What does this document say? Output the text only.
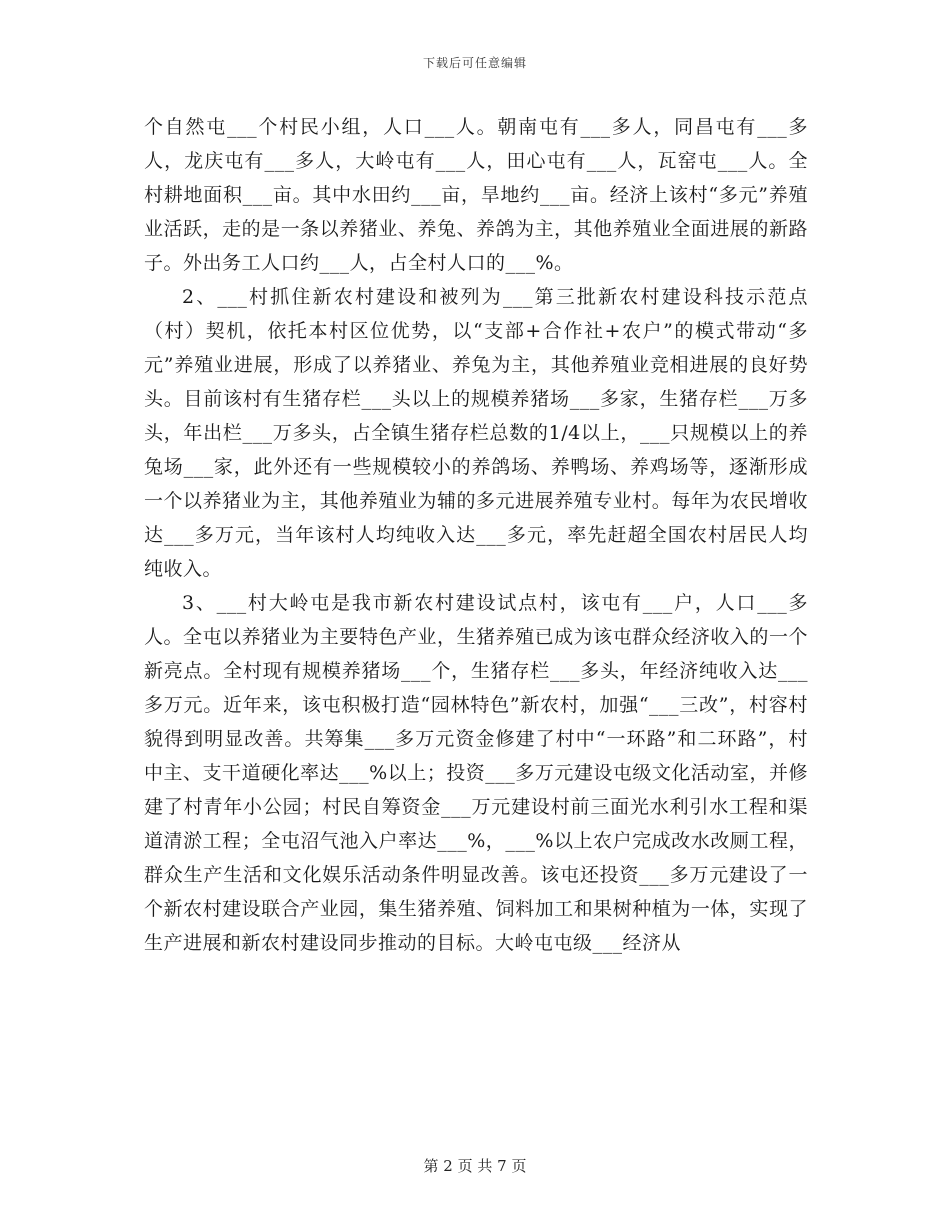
下载后可任意编辑

个自然屯___个村民小组，人口___人。朝南屯有___多人，同昌屯有___多人，龙庆屯有___多人，大岭屯有___人，田心屯有___人，瓦窑屯___人。全村耕地面积___亩。其中水田约___亩，旱地约___亩。经济上该村“多元”养殖业活跃，走的是一条以养猪业、养兔、养鸽为主，其他养殖业全面进展的新路子。外出务工人口约___人，占全村人口的___%。

2、___村抓住新农村建设和被列为___第三批新农村建设科技示范点（村）契机，依托本村区位优势，以“支部+合作社+农户”的模式带动“多元”养殖业进展，形成了以养猪业、养兔为主，其他养殖业竞相进展的良好势头。目前该村有生猪存栏___头以上的规模养猪场___多家，生猪存栏___万多头，年出栏___万多头，占全镇生猪存栏总数的1/4以上，___只规模以上的养兔场___家，此外还有一些规模较小的养鸽场、养鸭场、养鸡场等，逐渐形成一个以养猪业为主，其他养殖业为辅的多元进展养殖专业村。每年为农民增收达___多万元，当年该村人均纯收入达___多元，率先赶超全国农村居民人均纯收入。

3、___村大岭屯是我市新农村建设试点村，该屯有___户，人口___多人。全屯以养猪业为主要特色产业，生猪养殖已成为该屯群众经济收入的一个新亮点。全村现有规模养猪场___个，生猪存栏___多头，年经济纯收入达___多万元。近年来，该屯积极打造“园林特色”新农村，加强“___三改”，村容村貌得到明显改善。共筹集___多万元资金修建了村中“一环路”和二环路”，村中主、支干道硬化率达___%以上；投资___多万元建设屯级文化活动室，并修建了村青年小公园；村民自筹资金___万元建设村前三面光水利引水工程和渠道清淤工程；全屯沼气池入户率达___%，___%以上农户完成改水改厕工程，群众生产生活和文化娱乐活动条件明显改善。该屯还投资___多万元建设了一个新农村建设联合产业园，集生猪养殖、饲料加工和果树种植为一体，实现了生产进展和新农村建设同步推动的目标。大岭屯屯级___经济从

第 2 页 共 7 页
